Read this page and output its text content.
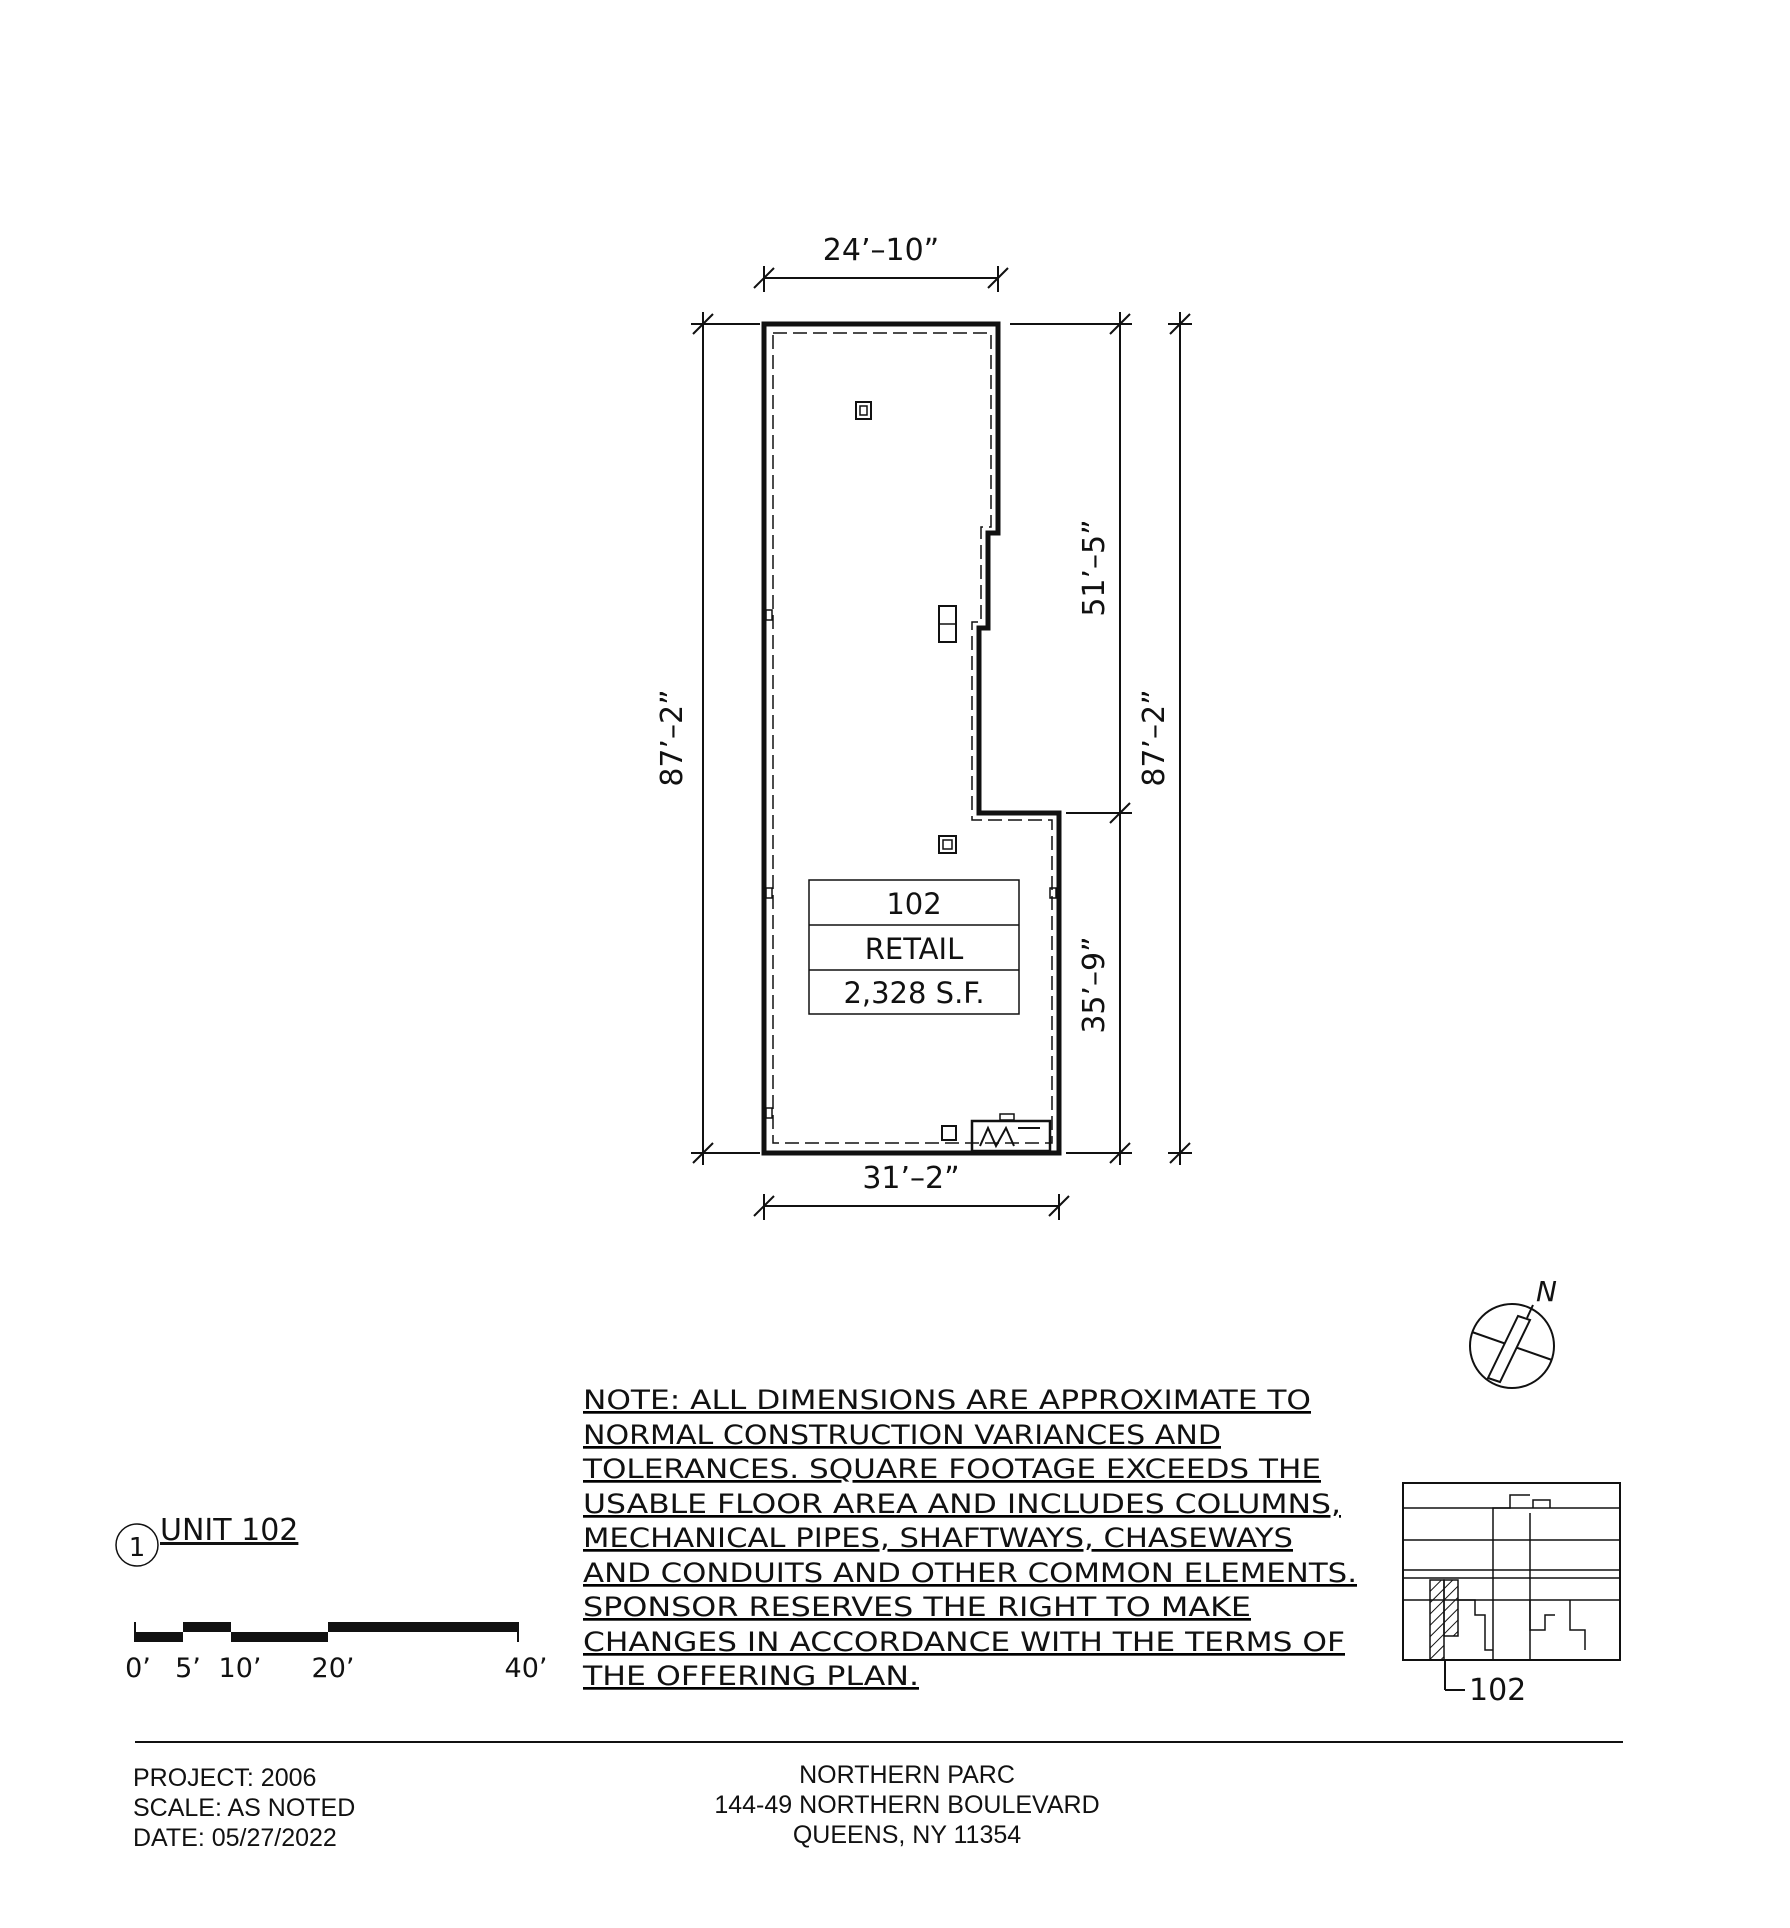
102
RETAIL
2,328 S.F.
24’–10”
31’–2”
87’–2”
51’–5”
35’–9”
87’–2”
N
1 UNIT 102
0’ 5’ 10’ 20’	40’
NOTE: ALL DIMENSIONS ARE APPROXIMATE TO
NORMAL CONSTRUCTION VARIANCES AND
TOLERANCES. SQUARE FOOTAGE EXCEEDS THE
USABLE FLOOR AREA AND INCLUDES COLUMNS,
MECHANICAL PIPES, SHAFTWAYS, CHASEWAYS
AND CONDUITS AND OTHER COMMON ELEMENTS.
SPONSOR RESERVES THE RIGHT TO MAKE
CHANGES IN ACCORDANCE WITH THE TERMS OF
THE OFFERING PLAN.	102
PROJECT: 2006
SCALE: AS NOTED
DATE: 05/27/2022
NORTHERN PARC
144-49 NORTHERN BOULEVARD
QUEENS, NY 11354
